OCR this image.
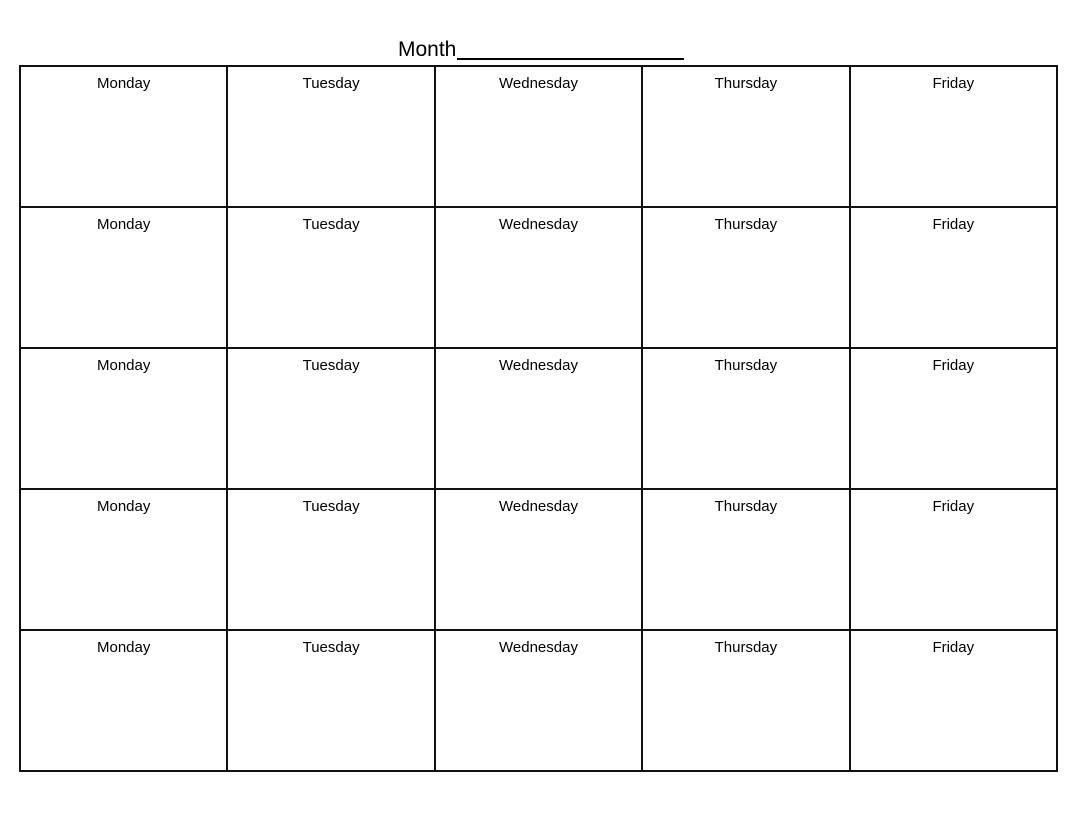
Month
Monday	Tuesday	Wednesday	Thursday	Friday
Monday	Tuesday	Wednesday	Thursday	Friday
Monday	Tuesday	Wednesday	Thursday	Friday
Monday	Tuesday	Wednesday	Thursday	Friday
Monday	Tuesday	Wednesday	Thursday	Friday
